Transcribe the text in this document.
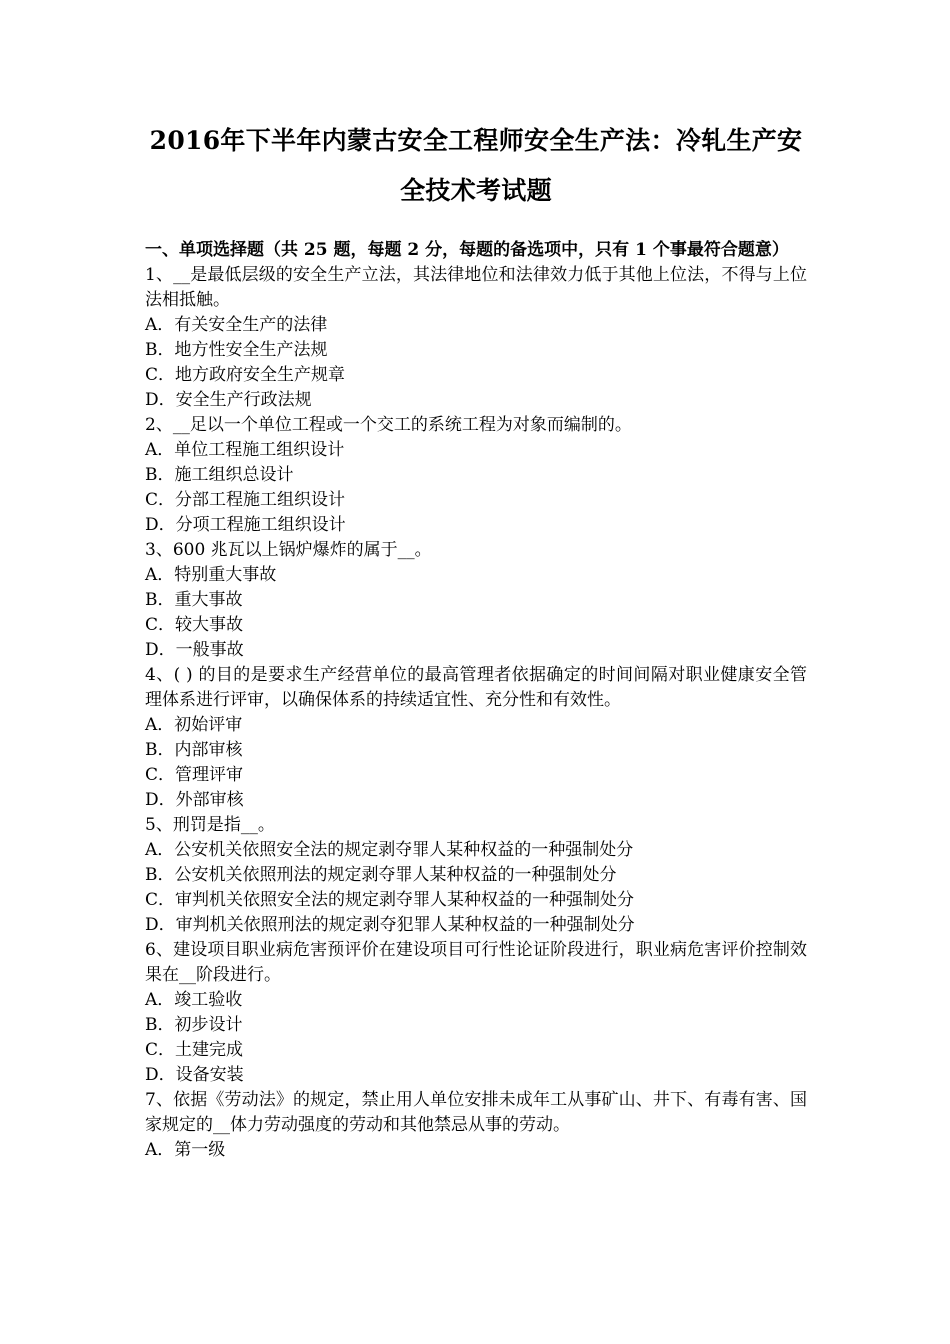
2016年下半年内蒙古安全工程师安全生产法：冷轧生产安全技术考试题
一、单项选择题（共 25 题，每题 2 分，每题的备选项中，只有 1 个事最符合题意）
1、__是最低层级的安全生产立法，其法律地位和法律效力低于其他上位法，不得与上位法相抵触。
A．有关安全生产的法律
B．地方性安全生产法规
C．地方政府安全生产规章
D．安全生产行政法规
2、__足以一个单位工程或一个交工的系统工程为对象而编制的。
A．单位工程施工组织设计
B．施工组织总设计
C．分部工程施工组织设计
D．分项工程施工组织设计
3、600 兆瓦以上锅炉爆炸的属于__。
A．特别重大事故
B．重大事故
C．较大事故
D．一般事故
4、( ) 的目的是要求生产经营单位的最高管理者依据确定的时间间隔对职业健康安全管理体系进行评审，以确保体系的持续适宜性、充分性和有效性。
A．初始评审
B．内部审核
C．管理评审
D．外部审核
5、刑罚是指__。
A．公安机关依照安全法的规定剥夺罪人某种权益的一种强制处分
B．公安机关依照刑法的规定剥夺罪人某种权益的一种强制处分
C．审判机关依照安全法的规定剥夺罪人某种权益的一种强制处分
D．审判机关依照刑法的规定剥夺犯罪人某种权益的一种强制处分
6、建设项目职业病危害预评价在建设项目可行性论证阶段进行，职业病危害评价控制效果在__阶段进行。
A．竣工验收
B．初步设计
C．土建完成
D．设备安装
7、依据《劳动法》的规定，禁止用人单位安排未成年工从事矿山、井下、有毒有害、国家规定的__体力劳动强度的劳动和其他禁忌从事的劳动。
A．第一级
